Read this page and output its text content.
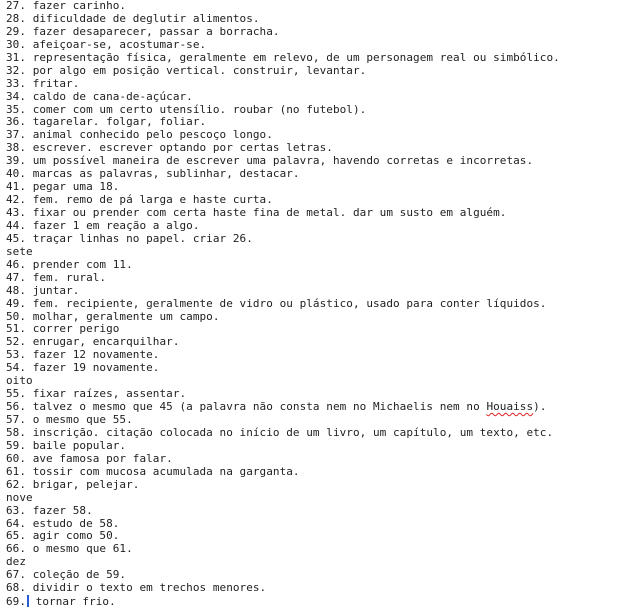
27. fazer carinho.
28. dificuldade de deglutir alimentos.
29. fazer desaparecer, passar a borracha.
30. afeiçoar-se, acostumar-se.
31. representação física, geralmente em relevo, de um personagem real ou simbólico.
32. por algo em posição vertical. construir, levantar.
33. fritar.
34. caldo de cana-de-açúcar.
35. comer com um certo utensílio. roubar (no futebol).
36. tagarelar. folgar, foliar.
37. animal conhecido pelo pescoço longo.
38. escrever. escrever optando por certas letras.
39. um possível maneira de escrever uma palavra, havendo corretas e incorretas.
40. marcas as palavras, sublinhar, destacar.
41. pegar uma 18.
42. fem. remo de pá larga e haste curta.
43. fixar ou prender com certa haste fina de metal. dar um susto em alguém.
44. fazer 1 em reação a algo.
45. traçar linhas no papel. criar 26.
sete
46. prender com 11.
47. fem. rural.
48. juntar.
49. fem. recipiente, geralmente de vidro ou plástico, usado para conter líquidos.
50. molhar, geralmente um campo.
51. correr perigo
52. enrugar, encarquilhar.
53. fazer 12 novamente.
54. fazer 19 novamente.
oito
55. fixar raízes, assentar.
56. talvez o mesmo que 45 (a palavra não consta nem no Michaelis nem no Houaiss).
57. o mesmo que 55.
58. inscrição. citação colocada no início de um livro, um capítulo, um texto, etc.
59. baile popular.
60. ave famosa por falar.
61. tossir com mucosa acumulada na garganta.
62. brigar, pelejar.
nove
63. fazer 58.
64. estudo de 58.
65. agir como 50.
66. o mesmo que 61.
dez
67. coleção de 59.
68. dividir o texto em trechos menores.
69. tornar frio.
